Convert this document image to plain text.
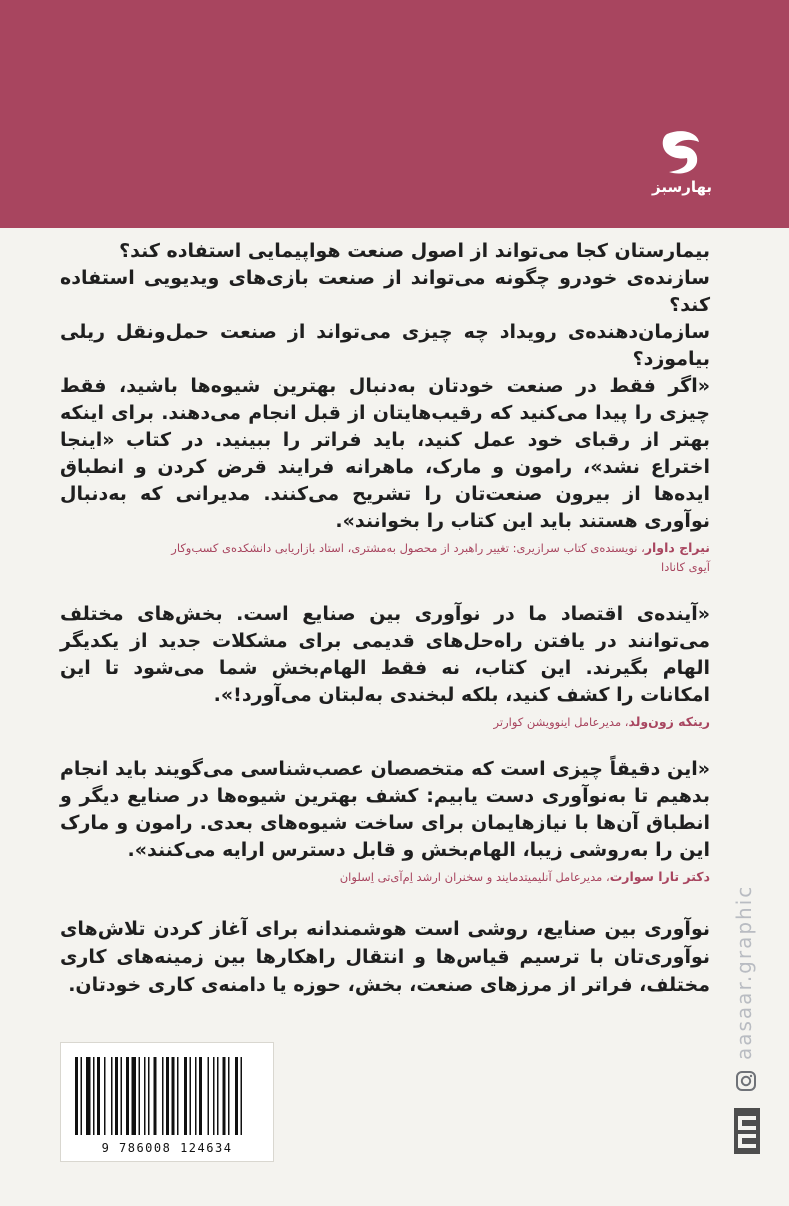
بهارسبز

بیمارستان کجا می‌تواند از اصول صنعت هواپیمایی استفاده کند؟

سازنده‌ی خودرو چگونه می‌تواند از صنعت بازی‌های ویدیویی استفاده کند؟

سازمان‌دهنده‌ی رویداد چه چیزی می‌تواند از صنعت حمل‌ونقل ریلی بیاموزد؟

«اگر فقط در صنعت خودتان به‌دنبال بهترین شیوه‌ها باشید، فقط چیزی را پیدا می‌کنید که رقیب‌هایتان از قبل انجام می‌دهند. برای اینکه بهتر از رقبای خود عمل کنید، باید فراتر را ببینید. در کتاب «اینجا اختراع نشد»، رامون و مارک، ماهرانه فرایند قرض کردن و انطباق ایده‌ها از بیرون صنعت‌تان را تشریح می‌کنند. مدیرانی که به‌دنبال نوآوری هستند باید این کتاب را بخوانند».

نیراج داوار، نویسنده‌ی کتاب سرازیری: تغییر راهبرد از محصول به‌مشتری، استاد بازاریابی دانشکده‌ی کسب‌وکار
آیوی کانادا

«آینده‌ی اقتصاد ما در نوآوری بین صنایع است. بخش‌های مختلف می‌توانند در یافتن راه‌حل‌های قدیمی برای مشکلات جدید از یکدیگر الهام بگیرند. این کتاب، نه فقط الهام‌بخش شما می‌شود تا این امکانات را کشف کنید، بلکه لبخندی به‌لبتان می‌آورد!».

رینکه زون‌ولد، مدیرعامل اینوویشن کوارتر

«این دقیقاً چیزی است که متخصصان عصب‌شناسی می‌گویند باید انجام بدهیم تا به‌نوآوری دست یابیم: کشف بهترین شیوه‌ها در صنایع دیگر و انطباق آن‌ها با نیازهایمان برای ساخت شیوه‌های بعدی. رامون و مارک این را به‌روشی زیبا، الهام‌بخش و قابل دسترس ارایه می‌کنند».

دکتر تارا سوارت، مدیرعامل آنلیمیتدمایند و سخنران ارشد اِم‌آی‌تی اِسلوان

نوآوری بین صنایع، روشی است هوشمندانه برای آغاز کردن تلاش‌های نوآوری‌تان با ترسیم قیاس‌ها و انتقال راهکارها بین زمینه‌های کاری مختلف، فراتر از مرزهای صنعت، بخش، حوزه یا دامنه‌ی کاری خودتان.

9 786008 124634
aasaar.graphic
